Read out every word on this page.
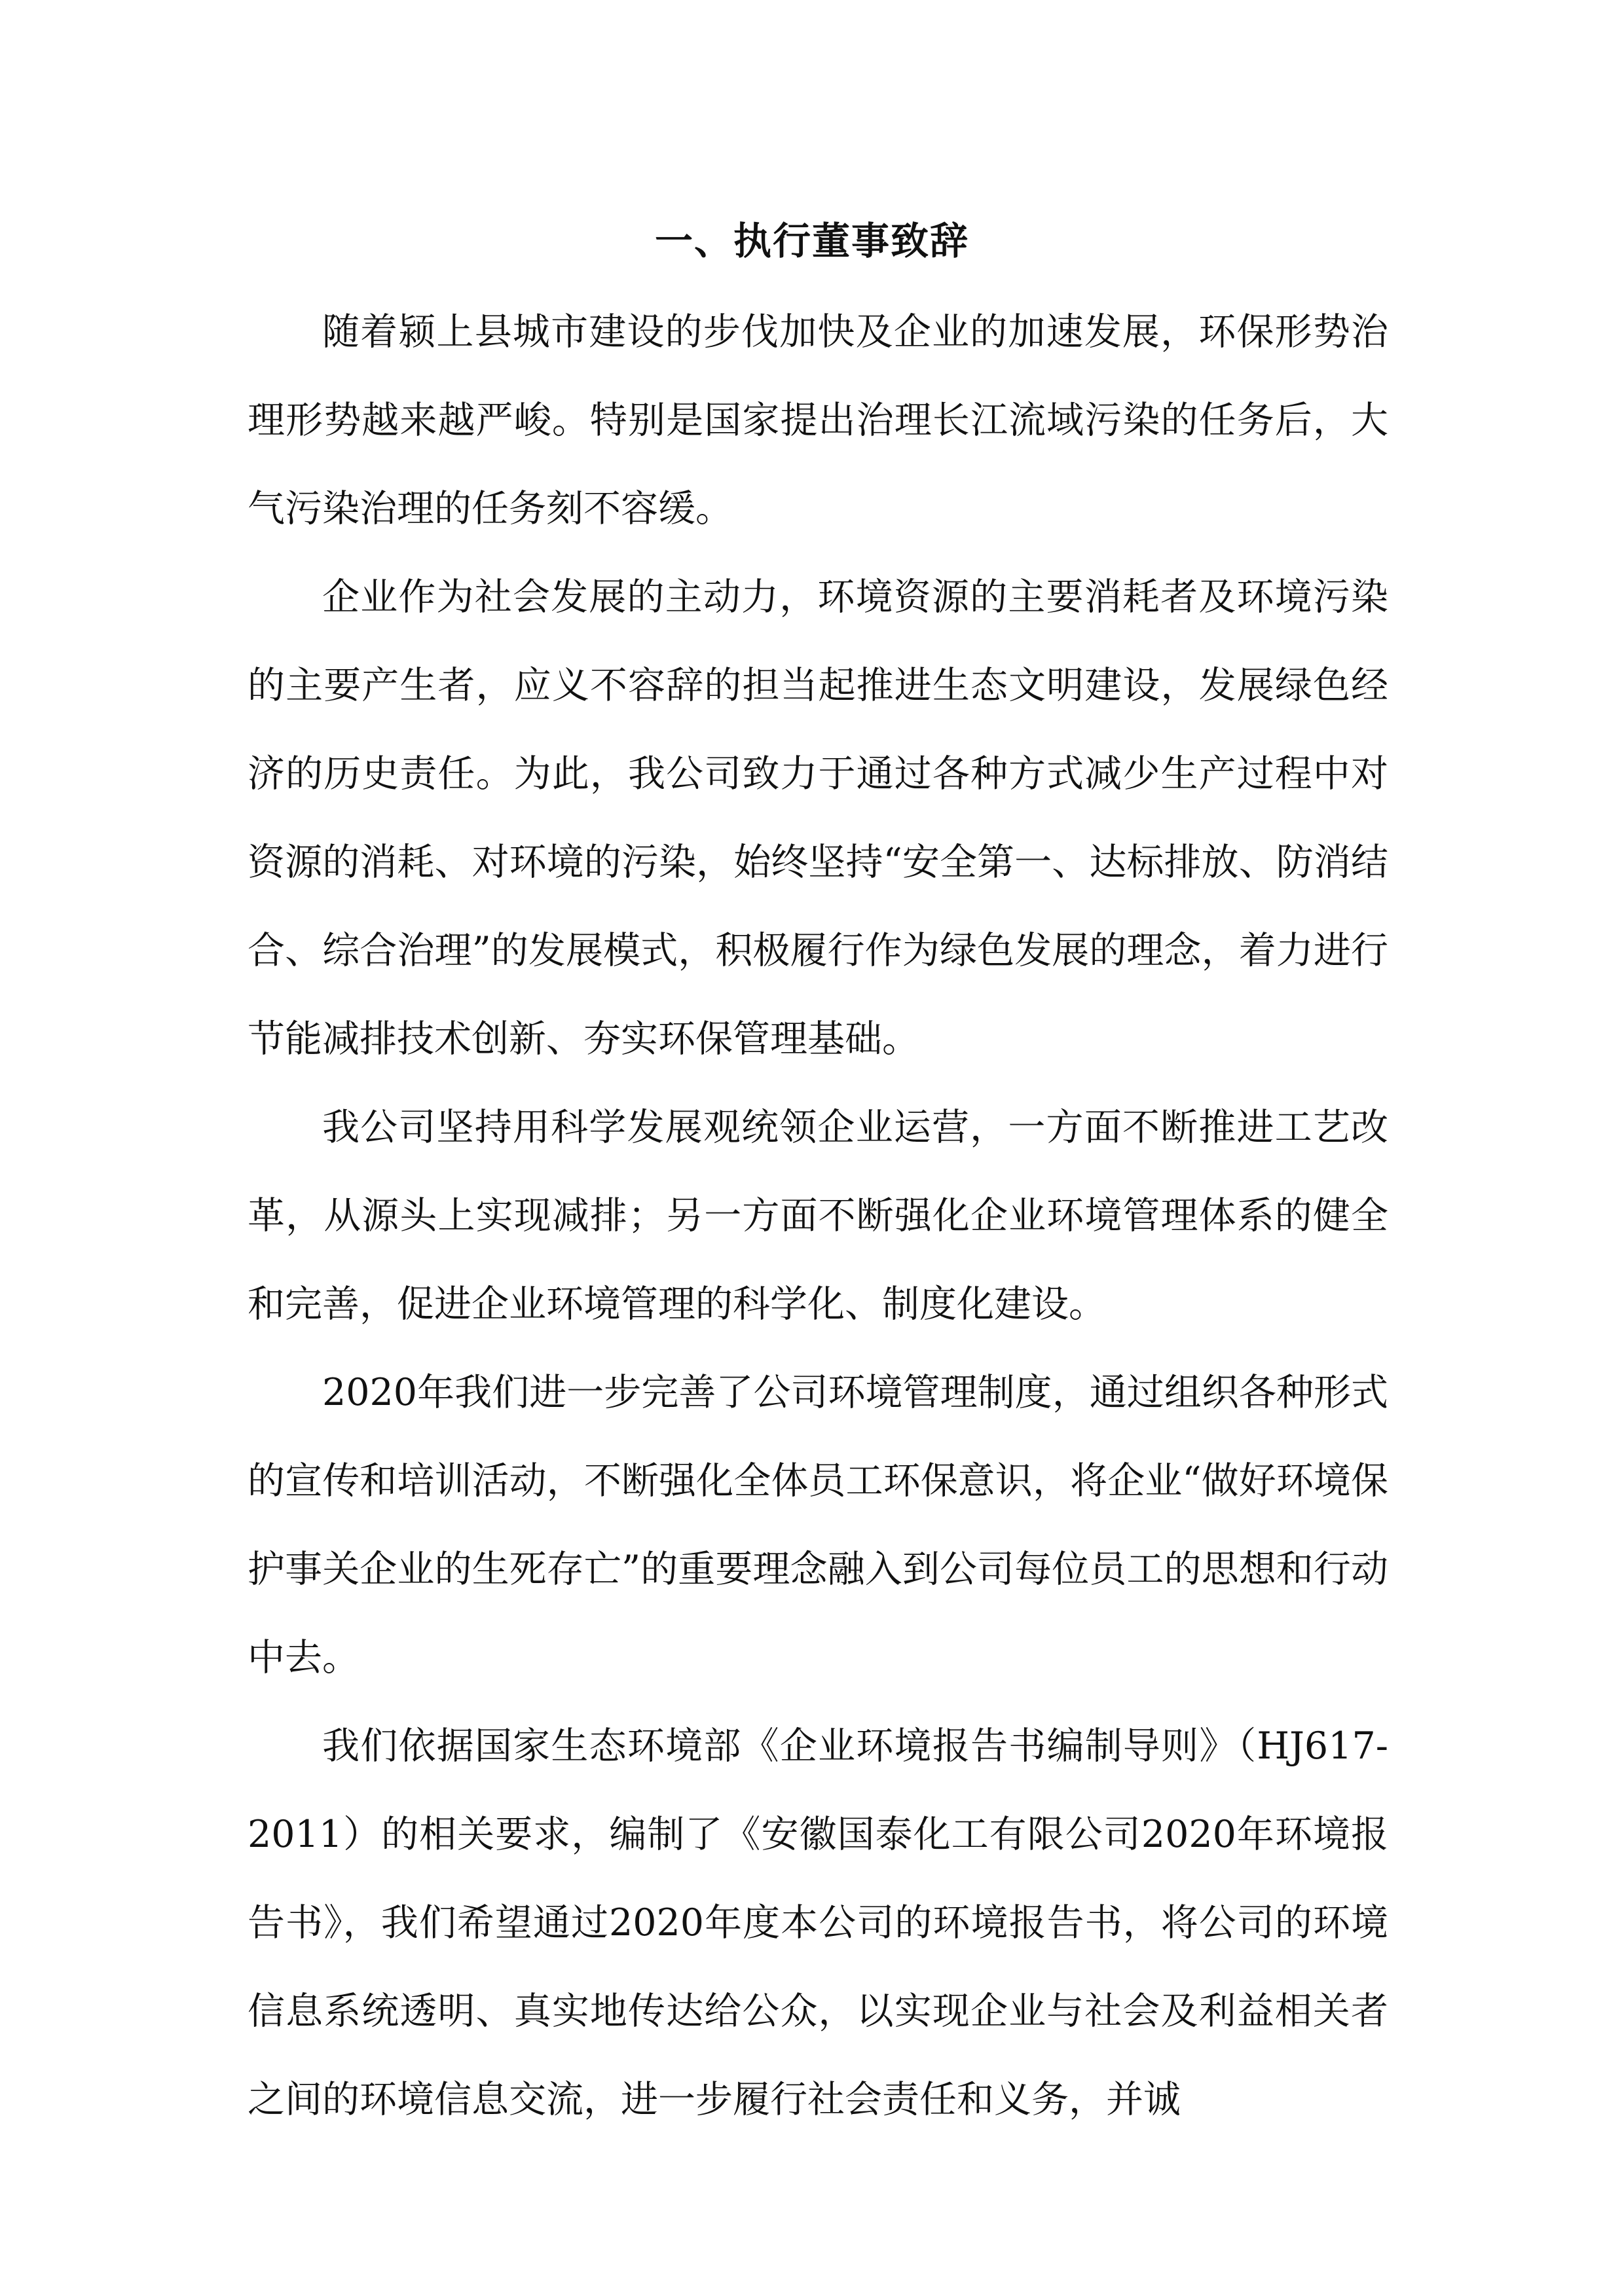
一、执行董事致辞

随着颍上县城市建设的步伐加快及企业的加速发展，环保形势治理形势越来越严峻。特别是国家提出治理长江流域污染的任务后，大气污染治理的任务刻不容缓。

企业作为社会发展的主动力，环境资源的主要消耗者及环境污染的主要产生者，应义不容辞的担当起推进生态文明建设，发展绿色经济的历史责任。为此，我公司致力于通过各种方式减少生产过程中对资源的消耗、对环境的污染，始终坚持“安全第一、达标排放、防消结合、综合治理”的发展模式，积极履行作为绿色发展的理念，着力进行节能减排技术创新、夯实环保管理基础。

我公司坚持用科学发展观统领企业运营，一方面不断推进工艺改革，从源头上实现减排；另一方面不断强化企业环境管理体系的健全和完善，促进企业环境管理的科学化、制度化建设。

2020年我们进一步完善了公司环境管理制度，通过组织各种形式的宣传和培训活动，不断强化全体员工环保意识，将企业“做好环境保护事关企业的生死存亡”的重要理念融入到公司每位员工的思想和行动中去。

我们依据国家生态环境部《企业环境报告书编制导则》（HJ617-2011）的相关要求，编制了《安徽国泰化工有限公司2020年环境报告书》，我们希望通过2020年度本公司的环境报告书，将公司的环境信息系统透明、真实地传达给公众，以实现企业与社会及利益相关者之间的环境信息交流，进一步履行社会责任和义务，并诚
